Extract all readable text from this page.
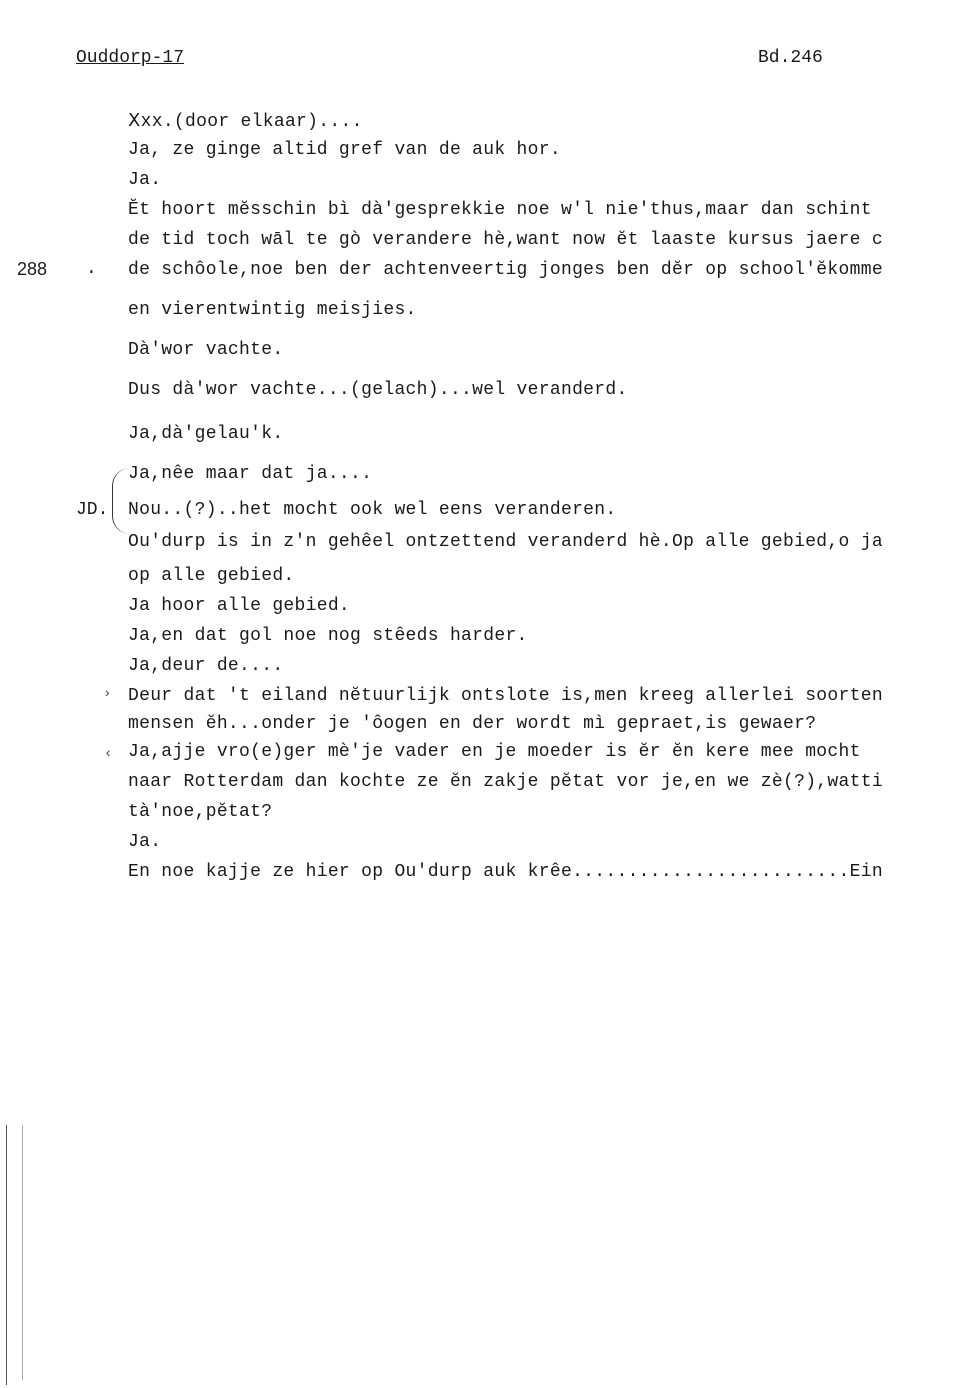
Ouddorp-17	Bd.246
288 .
JD.
›
‹
Ⅹxx.(door elkaar)....
Ja, ze ginge altid gref van de auk hor.
Ja.
Ĕt hoort mĕsschin bì dà'gesprekkie noe w'l nie'thus,maar dan schint
de tid toch wāl te gò verandere hè,want now ĕt laaste kursus jaere c
de schôole,noe ben der achtenveertig jonges ben dĕr op school'ĕkomme
en vierentwintig meisjies.
Dà'wor vachte.
Dus dà'wor vachte...(gelach)...wel veranderd.
Ja,dà'gelau'k.
Ja,nêe maar dat ja....
Nou..(?)..het mocht ook wel eens veranderen.
Ou'durp is in z'n gehêel ontzettend veranderd hè.Op alle gebied,o ja
op alle gebied.
Ja hoor alle gebied.
Ja,en dat gol noe nog stêeds harder.
Ja,deur de....
Deur dat 't eiland nĕtuurlijk ontslote is,men kreeg allerlei soorten
mensen ĕh...onder je 'ôogen en der wordt mì gepraet,is gewaer?
Ja,ajje vro(e)ger mè'je vader en je moeder is ĕr ĕn kere mee mocht
naar Rotterdam dan kochte ze ĕn zakje pĕtat vor je,en we zè(?),watti
tà'noe,pĕtat?
Ja.
En noe kajje ze hier op Ou'durp auk krêe.........................Ein
